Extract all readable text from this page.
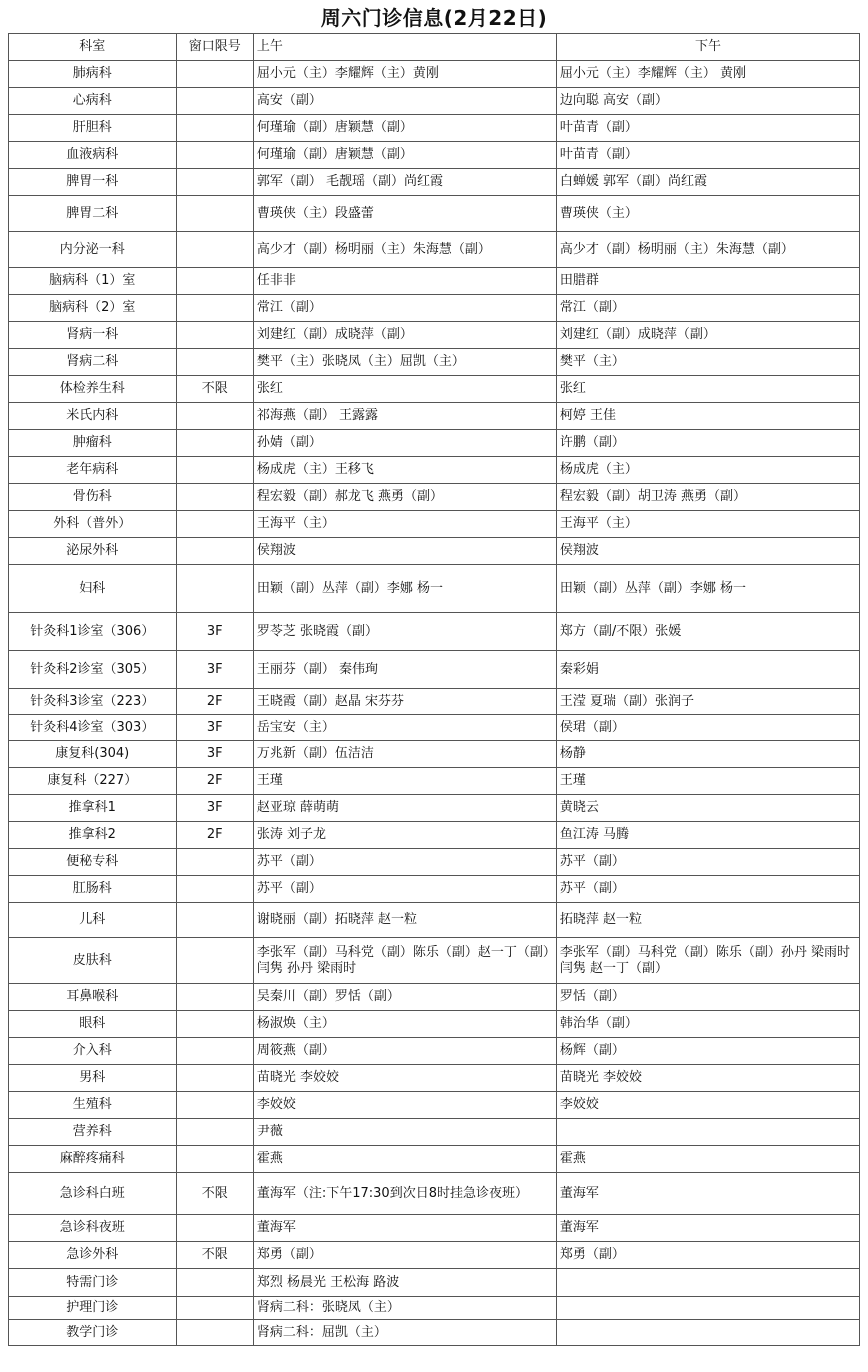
周六门诊信息(2月22日)
科室	窗口限号	上午	下午
肺病科		屈小元（主）李耀辉（主）黄刚	屈小元（主）李耀辉（主） 黄刚
心病科		高安（副）	边向聪 高安（副）
肝胆科		何瑾瑜（副）唐颖慧（副）	叶苗青（副）
血液病科		何瑾瑜（副）唐颖慧（副）	叶苗青（副）
脾胃一科		郭军（副） 毛靓瑶（副）尚红霞	白蝉媛 郭军（副）尚红霞
脾胃二科		曹瑛侠（主）段盛蕾	曹瑛侠（主）
内分泌一科		高少才（副）杨明丽（主）朱海慧（副）	高少才（副）杨明丽（主）朱海慧（副）
脑病科（1）室		任非非	田腊群
脑病科（2）室		常江（副）	常江（副）
肾病一科		刘建红（副）成晓萍（副）	刘建红（副）成晓萍（副）
肾病二科		樊平（主）张晓凤（主）屈凯（主）	樊平（主）
体检养生科	不限	张红	张红
米氏内科		祁海燕（副） 王露露	柯婷 王佳
肿瘤科		孙婧（副）	许鹏（副）
老年病科		杨成虎（主）王移飞	杨成虎（主）
骨伤科		程宏毅（副）郝龙飞 燕勇（副）	程宏毅（副）胡卫涛 燕勇（副）
外科（普外）		王海平（主）	王海平（主）
泌尿外科		侯翔波	侯翔波
妇科		田颖（副）丛萍（副）李娜 杨一	田颖（副）丛萍（副）李娜 杨一
针灸科1诊室（306）	3F	罗苓芝 张晓霞（副）	郑方（副/不限）张媛
针灸科2诊室（305）	3F	王丽芬（副） 秦伟珣	秦彩娟
针灸科3诊室（223）	2F	王晓霞（副）赵晶 宋芬芬	王滢 夏瑞（副）张润子
针灸科4诊室（303）	3F	岳宝安（主）	侯珺（副）
康复科(304)	3F	万兆新（副）伍洁洁	杨静
康复科（227）	2F	王瑾	王瑾
推拿科1	3F	赵亚琼 薛萌萌	黄晓云
推拿科2	2F	张涛 刘子龙	鱼江涛 马腾
便秘专科		苏平（副）	苏平（副）
肛肠科		苏平（副）	苏平（副）
儿科		谢晓丽（副）拓晓萍 赵一粒	拓晓萍 赵一粒
皮肤科		李张军（副）马科党（副）陈乐（副）赵一丁（副）闫隽 孙丹 梁雨时	李张军（副）马科党（副）陈乐（副）孙丹 梁雨时 闫隽 赵一丁（副）
耳鼻喉科		吴秦川（副）罗恬（副）	罗恬（副）
眼科		杨淑焕（主）	韩治华（副）
介入科		周筱燕（副）	杨辉（副）
男科		苗晓光 李姣姣	苗晓光 李姣姣
生殖科		李姣姣	李姣姣
营养科		尹薇	
麻醉疼痛科		霍燕	霍燕
急诊科白班	不限	董海军（注:下午17:30到次日8时挂急诊夜班）	董海军
急诊科夜班		董海军	董海军
急诊外科	不限	郑勇（副）	郑勇（副）
特需门诊		郑烈 杨晨光 王松海 路波	
护理门诊		肾病二科：张晓凤（主）	
教学门诊		肾病二科：屈凯（主）	
